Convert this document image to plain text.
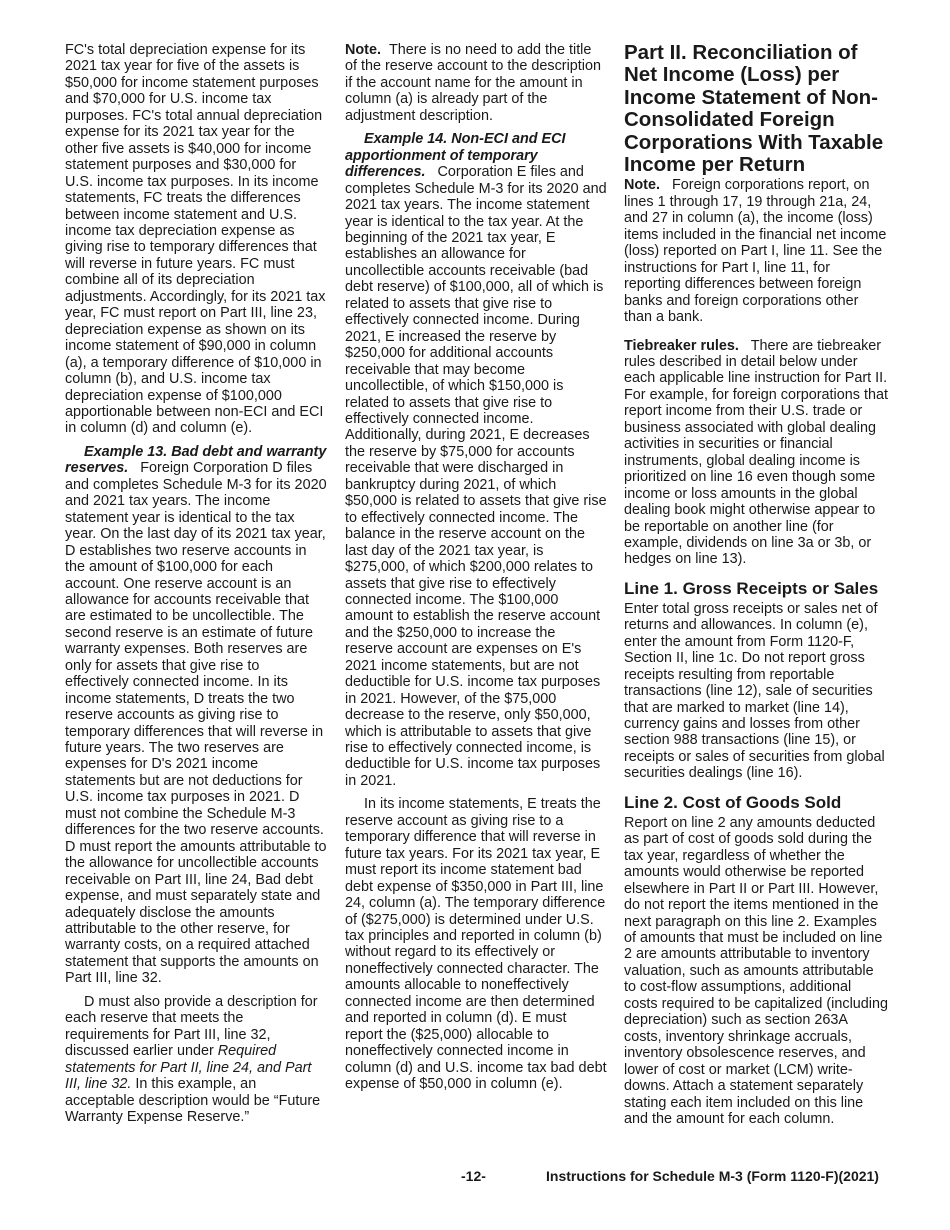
FC's total depreciation expense for its 2021 tax year for five of the assets is $50,000 for income statement purposes and $70,000 for U.S. income tax purposes. FC's total annual depreciation expense for its 2021 tax year for the other five assets is $40,000 for income statement purposes and $30,000 for U.S. income tax purposes. In its income statements, FC treats the differences between income statement and U.S. income tax depreciation expense as giving rise to temporary differences that will reverse in future years. FC must combine all of its depreciation adjustments. Accordingly, for its 2021 tax year, FC must report on Part III, line 23, depreciation expense as shown on its income statement of $90,000 in column (a), a temporary difference of $10,000 in column (b), and U.S. income tax depreciation expense of $100,000 apportionable between non-ECI and ECI in column (d) and column (e).

Example 13. Bad debt and warranty reserves. Foreign Corporation D files and completes Schedule M-3 for its 2020 and 2021 tax years. The income statement year is identical to the tax year. On the last day of its 2021 tax year, D establishes two reserve accounts in the amount of $100,000 for each account. One reserve account is an allowance for accounts receivable that are estimated to be uncollectible. The second reserve is an estimate of future warranty expenses. Both reserves are only for assets that give rise to effectively connected income. In its income statements, D treats the two reserve accounts as giving rise to temporary differences that will reverse in future years. The two reserves are expenses for D's 2021 income statements but are not deductions for U.S. income tax purposes in 2021. D must not combine the Schedule M-3 differences for the two reserve accounts. D must report the amounts attributable to the allowance for uncollectible accounts receivable on Part III, line 24, Bad debt expense, and must separately state and adequately disclose the amounts attributable to the other reserve, for warranty costs, on a required attached statement that supports the amounts on Part III, line 32.

D must also provide a description for each reserve that meets the requirements for Part III, line 32, discussed earlier under Required statements for Part II, line 24, and Part III, line 32. In this example, an acceptable description would be “Future Warranty Expense Reserve.”

Note. There is no need to add the title of the reserve account to the description if the account name for the amount in column (a) is already part of the adjustment description.

Example 14. Non-ECI and ECI apportionment of temporary differences. Corporation E files and completes Schedule M-3 for its 2020 and 2021 tax years. The income statement year is identical to the tax year. At the beginning of the 2021 tax year, E establishes an allowance for uncollectible accounts receivable (bad debt reserve) of $100,000, all of which is related to assets that give rise to effectively connected income. During 2021, E increased the reserve by $250,000 for additional accounts receivable that may become uncollectible, of which $150,000 is related to assets that give rise to effectively connected income. Additionally, during 2021, E decreases the reserve by $75,000 for accounts receivable that were discharged in bankruptcy during 2021, of which $50,000 is related to assets that give rise to effectively connected income. The balance in the reserve account on the last day of the 2021 tax year, is $275,000, of which $200,000 relates to assets that give rise to effectively connected income. The $100,000 amount to establish the reserve account and the $250,000 to increase the reserve account are expenses on E's 2021 income statements, but are not deductible for U.S. income tax purposes in 2021. However, of the $75,000 decrease to the reserve, only $50,000, which is attributable to assets that give rise to effectively connected income, is deductible for U.S. income tax purposes in 2021.

In its income statements, E treats the reserve account as giving rise to a temporary difference that will reverse in future tax years. For its 2021 tax year, E must report its income statement bad debt expense of $350,000 in Part III, line 24, column (a). The temporary difference of ($275,000) is determined under U.S. tax principles and reported in column (b) without regard to its effectively or noneffectively connected character. The amounts allocable to noneffectively connected income are then determined and reported in column (d). E must report the ($25,000) allocable to noneffectively connected income in column (d) and U.S. income tax bad debt expense of $50,000 in column (e).

Part II. Reconciliation of Net Income (Loss) per Income Statement of Non-Consolidated Foreign Corporations With Taxable Income per Return

Note. Foreign corporations report, on lines 1 through 17, 19 through 21a, 24, and 27 in column (a), the income (loss) items included in the financial net income (loss) reported on Part I, line 11. See the instructions for Part I, line 11, for reporting differences between foreign banks and foreign corporations other than a bank.

Tiebreaker rules. There are tiebreaker rules described in detail below under each applicable line instruction for Part II. For example, for foreign corporations that report income from their U.S. trade or business associated with global dealing activities in securities or financial instruments, global dealing income is prioritized on line 16 even though some income or loss amounts in the global dealing book might otherwise appear to be reportable on another line (for example, dividends on line 3a or 3b, or hedges on line 13).

Line 1. Gross Receipts or Sales

Enter total gross receipts or sales net of returns and allowances. In column (e), enter the amount from Form 1120-F, Section II, line 1c. Do not report gross receipts resulting from reportable transactions (line 12), sale of securities that are marked to market (line 14), currency gains and losses from other section 988 transactions (line 15), or receipts or sales of securities from global securities dealings (line 16).

Line 2. Cost of Goods Sold

Report on line 2 any amounts deducted as part of cost of goods sold during the tax year, regardless of whether the amounts would otherwise be reported elsewhere in Part II or Part III. However, do not report the items mentioned in the next paragraph on this line 2. Examples of amounts that must be included on line 2 are amounts attributable to inventory valuation, such as amounts attributable to cost-flow assumptions, additional costs required to be capitalized (including depreciation) such as section 263A costs, inventory shrinkage accruals, inventory obsolescence reserves, and lower of cost or market (LCM) write-downs. Attach a statement separately stating each item included on this line and the amount for each column.

-12-	Instructions for Schedule M-3 (Form 1120-F)(2021)
